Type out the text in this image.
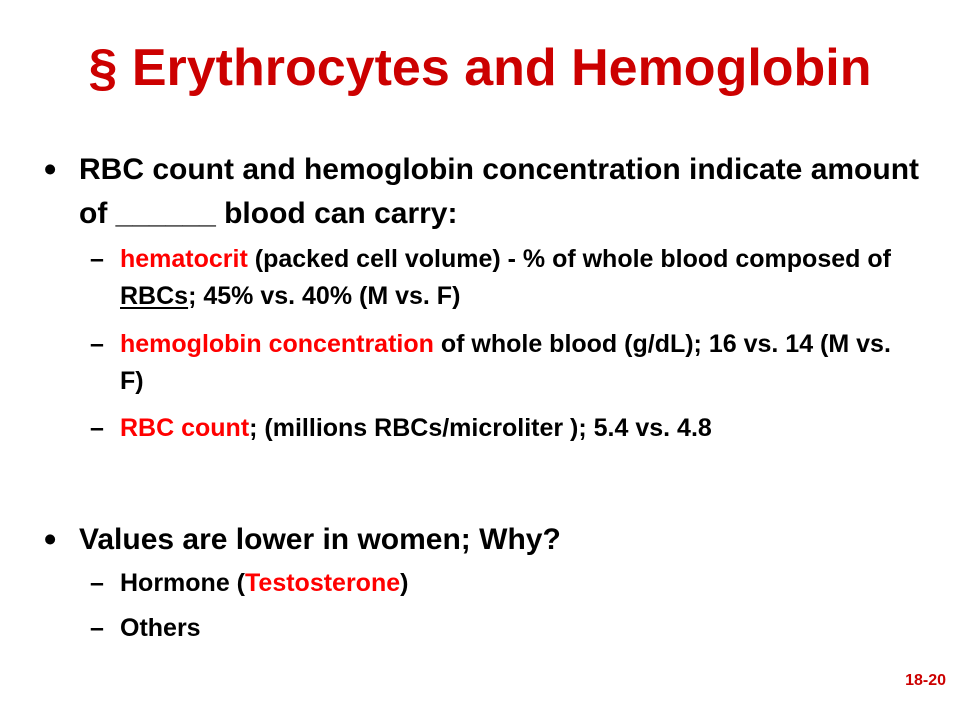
§ Erythrocytes and Hemoglobin
• RBC count and hemoglobin concentration indicate amount of ______ blood can carry:
– hematocrit (packed cell volume) - % of whole blood composed of RBCs; 45% vs. 40% (M vs. F)
– hemoglobin concentration of whole blood (g/dL); 16 vs. 14 (M vs. F)
– RBC count; (millions RBCs/microliter ); 5.4 vs. 4.8
• Values are lower in women; Why?
– Hormone (Testosterone)
– Others
18-20
